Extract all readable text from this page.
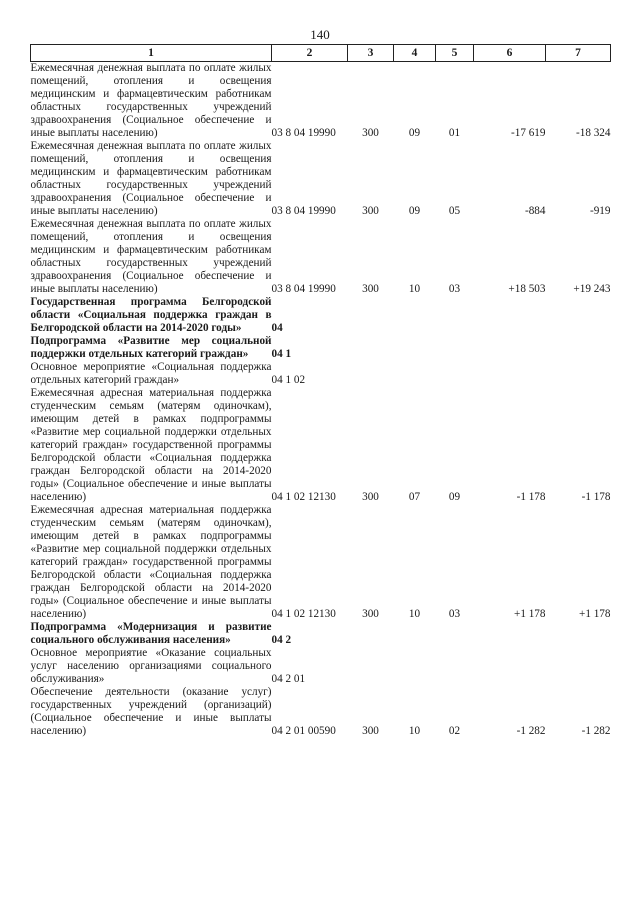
140
1	2	3	4	5	6	7
Ежемесячная денежная выплата по оплате жилых помещений, отопления и освещения медицинским и фармацевтическим работникам областных государственных учреждений здравоохранения (Социальное обеспечение и иные выплаты населению)	03 8 04 19990	300	09	01	-17 619	-18 324
Ежемесячная денежная выплата по оплате жилых помещений, отопления и освещения медицинским и фармацевтическим работникам областных государственных учреждений здравоохранения (Социальное обеспечение и иные выплаты населению)	03 8 04 19990	300	09	05	-884	-919
Ежемесячная денежная выплата по оплате жилых помещений, отопления и освещения медицинским и фармацевтическим работникам областных государственных учреждений здравоохранения (Социальное обеспечение и иные выплаты населению)	03 8 04 19990	300	10	03	+18 503	+19 243
Государственная программа Белгородской области «Социальная поддержка граждан в Белгородской области на 2014-2020 годы»	04					
Подпрограмма «Развитие мер социальной поддержки отдельных категорий граждан»	04 1					
Основное мероприятие «Социальная поддержка отдельных категорий граждан»	04 1 02					
Ежемесячная адресная материальная поддержка студенческим семьям (матерям одиночкам), имеющим детей в рамках подпрограммы «Развитие мер социальной поддержки отдельных категорий граждан» государственной программы Белгородской области «Социальная поддержка граждан Белгородской области на 2014-2020 годы» (Социальное обеспечение и иные выплаты населению)	04 1 02 12130	300	07	09	-1 178	-1 178
Ежемесячная адресная материальная поддержка студенческим семьям (матерям одиночкам), имеющим детей в рамках подпрограммы «Развитие мер социальной поддержки отдельных категорий граждан» государственной программы Белгородской области «Социальная поддержка граждан Белгородской области на 2014-2020 годы» (Социальное обеспечение и иные выплаты населению)	04 1 02 12130	300	10	03	+1 178	+1 178
Подпрограмма «Модернизация и развитие социального обслуживания населения»	04 2					
Основное мероприятие «Оказание социальных услуг населению организациями социального обслуживания»	04 2 01					
Обеспечение деятельности (оказание услуг) государственных учреждений (организаций) (Социальное обеспечение и иные выплаты населению)	04 2 01 00590	300	10	02	-1 282	-1 282
